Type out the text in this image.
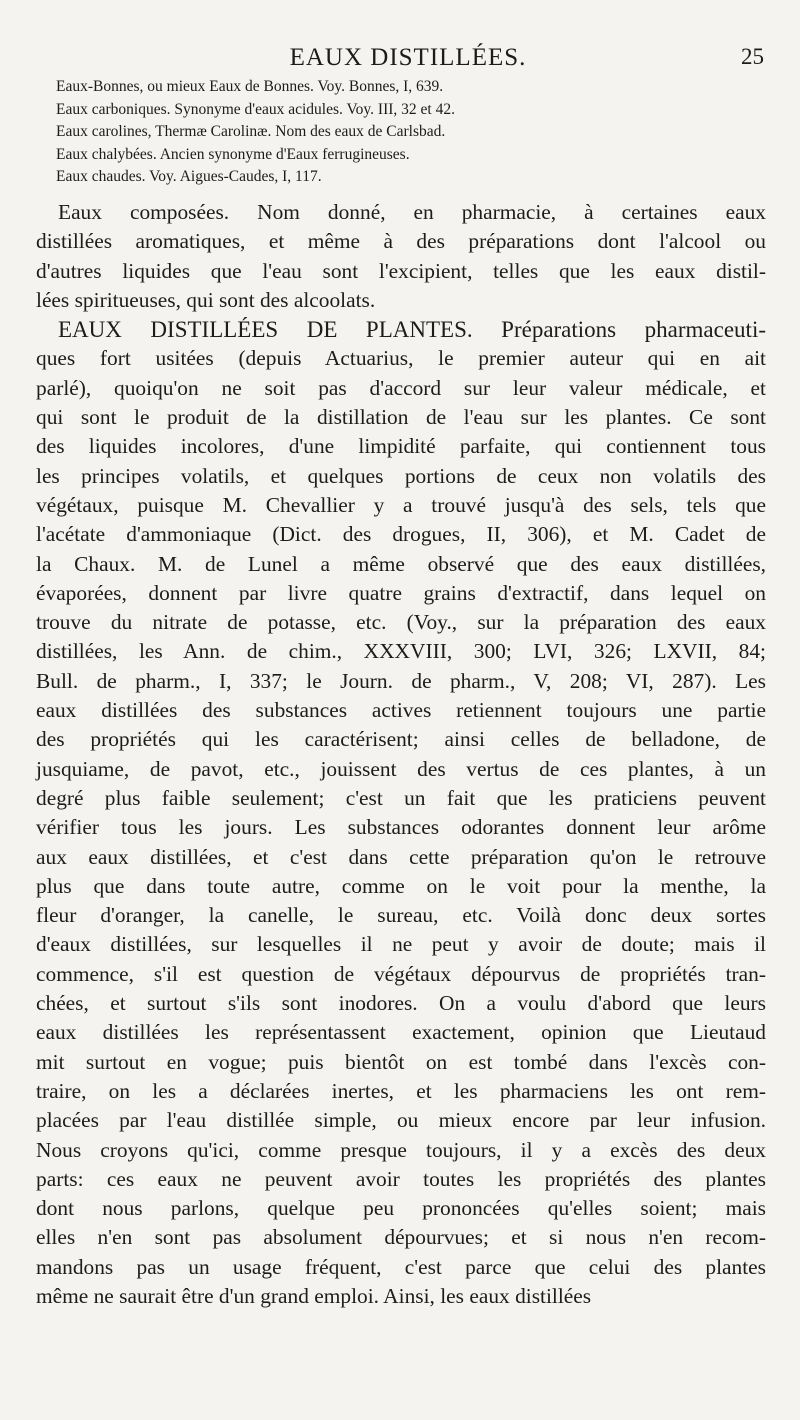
EAUX DISTILLÉES.	25
Eaux-Bonnes, ou mieux Eaux de Bonnes. Voy. Bonnes, I, 639.
Eaux carboniques. Synonyme d'eaux acidules. Voy. III, 32 et 42.
Eaux carolines, Thermæ Carolinæ. Nom des eaux de Carlsbad.
Eaux chalybées. Ancien synonyme d'Eaux ferrugineuses.
Eaux chaudes. Voy. Aigues-Caudes, I, 117.
Eaux composées. Nom donné, en pharmacie, à certaines eaux
distillées aromatiques, et même à des préparations dont l'alcool ou
d'autres liquides que l'eau sont l'excipient, telles que les eaux distil-
lées spiritueuses, qui sont des alcoolats.
EAUX DISTILLÉES DE PLANTES. Préparations pharmaceuti-
ques fort usitées (depuis Actuarius, le premier auteur qui en ait
parlé), quoiqu'on ne soit pas d'accord sur leur valeur médicale, et
qui sont le produit de la distillation de l'eau sur les plantes. Ce sont
des liquides incolores, d'une limpidité parfaite, qui contiennent tous
les principes volatils, et quelques portions de ceux non volatils des
végétaux, puisque M. Chevallier y a trouvé jusqu'à des sels, tels que
l'acétate d'ammoniaque (Dict. des drogues, II, 306), et M. Cadet de
la Chaux. M. de Lunel a même observé que des eaux distillées,
évaporées, donnent par livre quatre grains d'extractif, dans lequel on
trouve du nitrate de potasse, etc. (Voy., sur la préparation des eaux
distillées, les Ann. de chim., XXXVIII, 300; LVI, 326; LXVII, 84;
Bull. de pharm., I, 337; le Journ. de pharm., V, 208; VI, 287). Les
eaux distillées des substances actives retiennent toujours une partie
des propriétés qui les caractérisent; ainsi celles de belladone, de
jusquiame, de pavot, etc., jouissent des vertus de ces plantes, à un
degré plus faible seulement; c'est un fait que les praticiens peuvent
vérifier tous les jours. Les substances odorantes donnent leur arôme
aux eaux distillées, et c'est dans cette préparation qu'on le retrouve
plus que dans toute autre, comme on le voit pour la menthe, la
fleur d'oranger, la canelle, le sureau, etc. Voilà donc deux sortes
d'eaux distillées, sur lesquelles il ne peut y avoir de doute; mais il
commence, s'il est question de végétaux dépourvus de propriétés tran-
chées, et surtout s'ils sont inodores. On a voulu d'abord que leurs
eaux distillées les représentassent exactement, opinion que Lieutaud
mit surtout en vogue; puis bientôt on est tombé dans l'excès con-
traire, on les a déclarées inertes, et les pharmaciens les ont rem-
placées par l'eau distillée simple, ou mieux encore par leur infusion.
Nous croyons qu'ici, comme presque toujours, il y a excès des deux
parts: ces eaux ne peuvent avoir toutes les propriétés des plantes
dont nous parlons, quelque peu prononcées qu'elles soient; mais
elles n'en sont pas absolument dépourvues; et si nous n'en recom-
mandons pas un usage fréquent, c'est parce que celui des plantes
même ne saurait être d'un grand emploi. Ainsi, les eaux distillées
